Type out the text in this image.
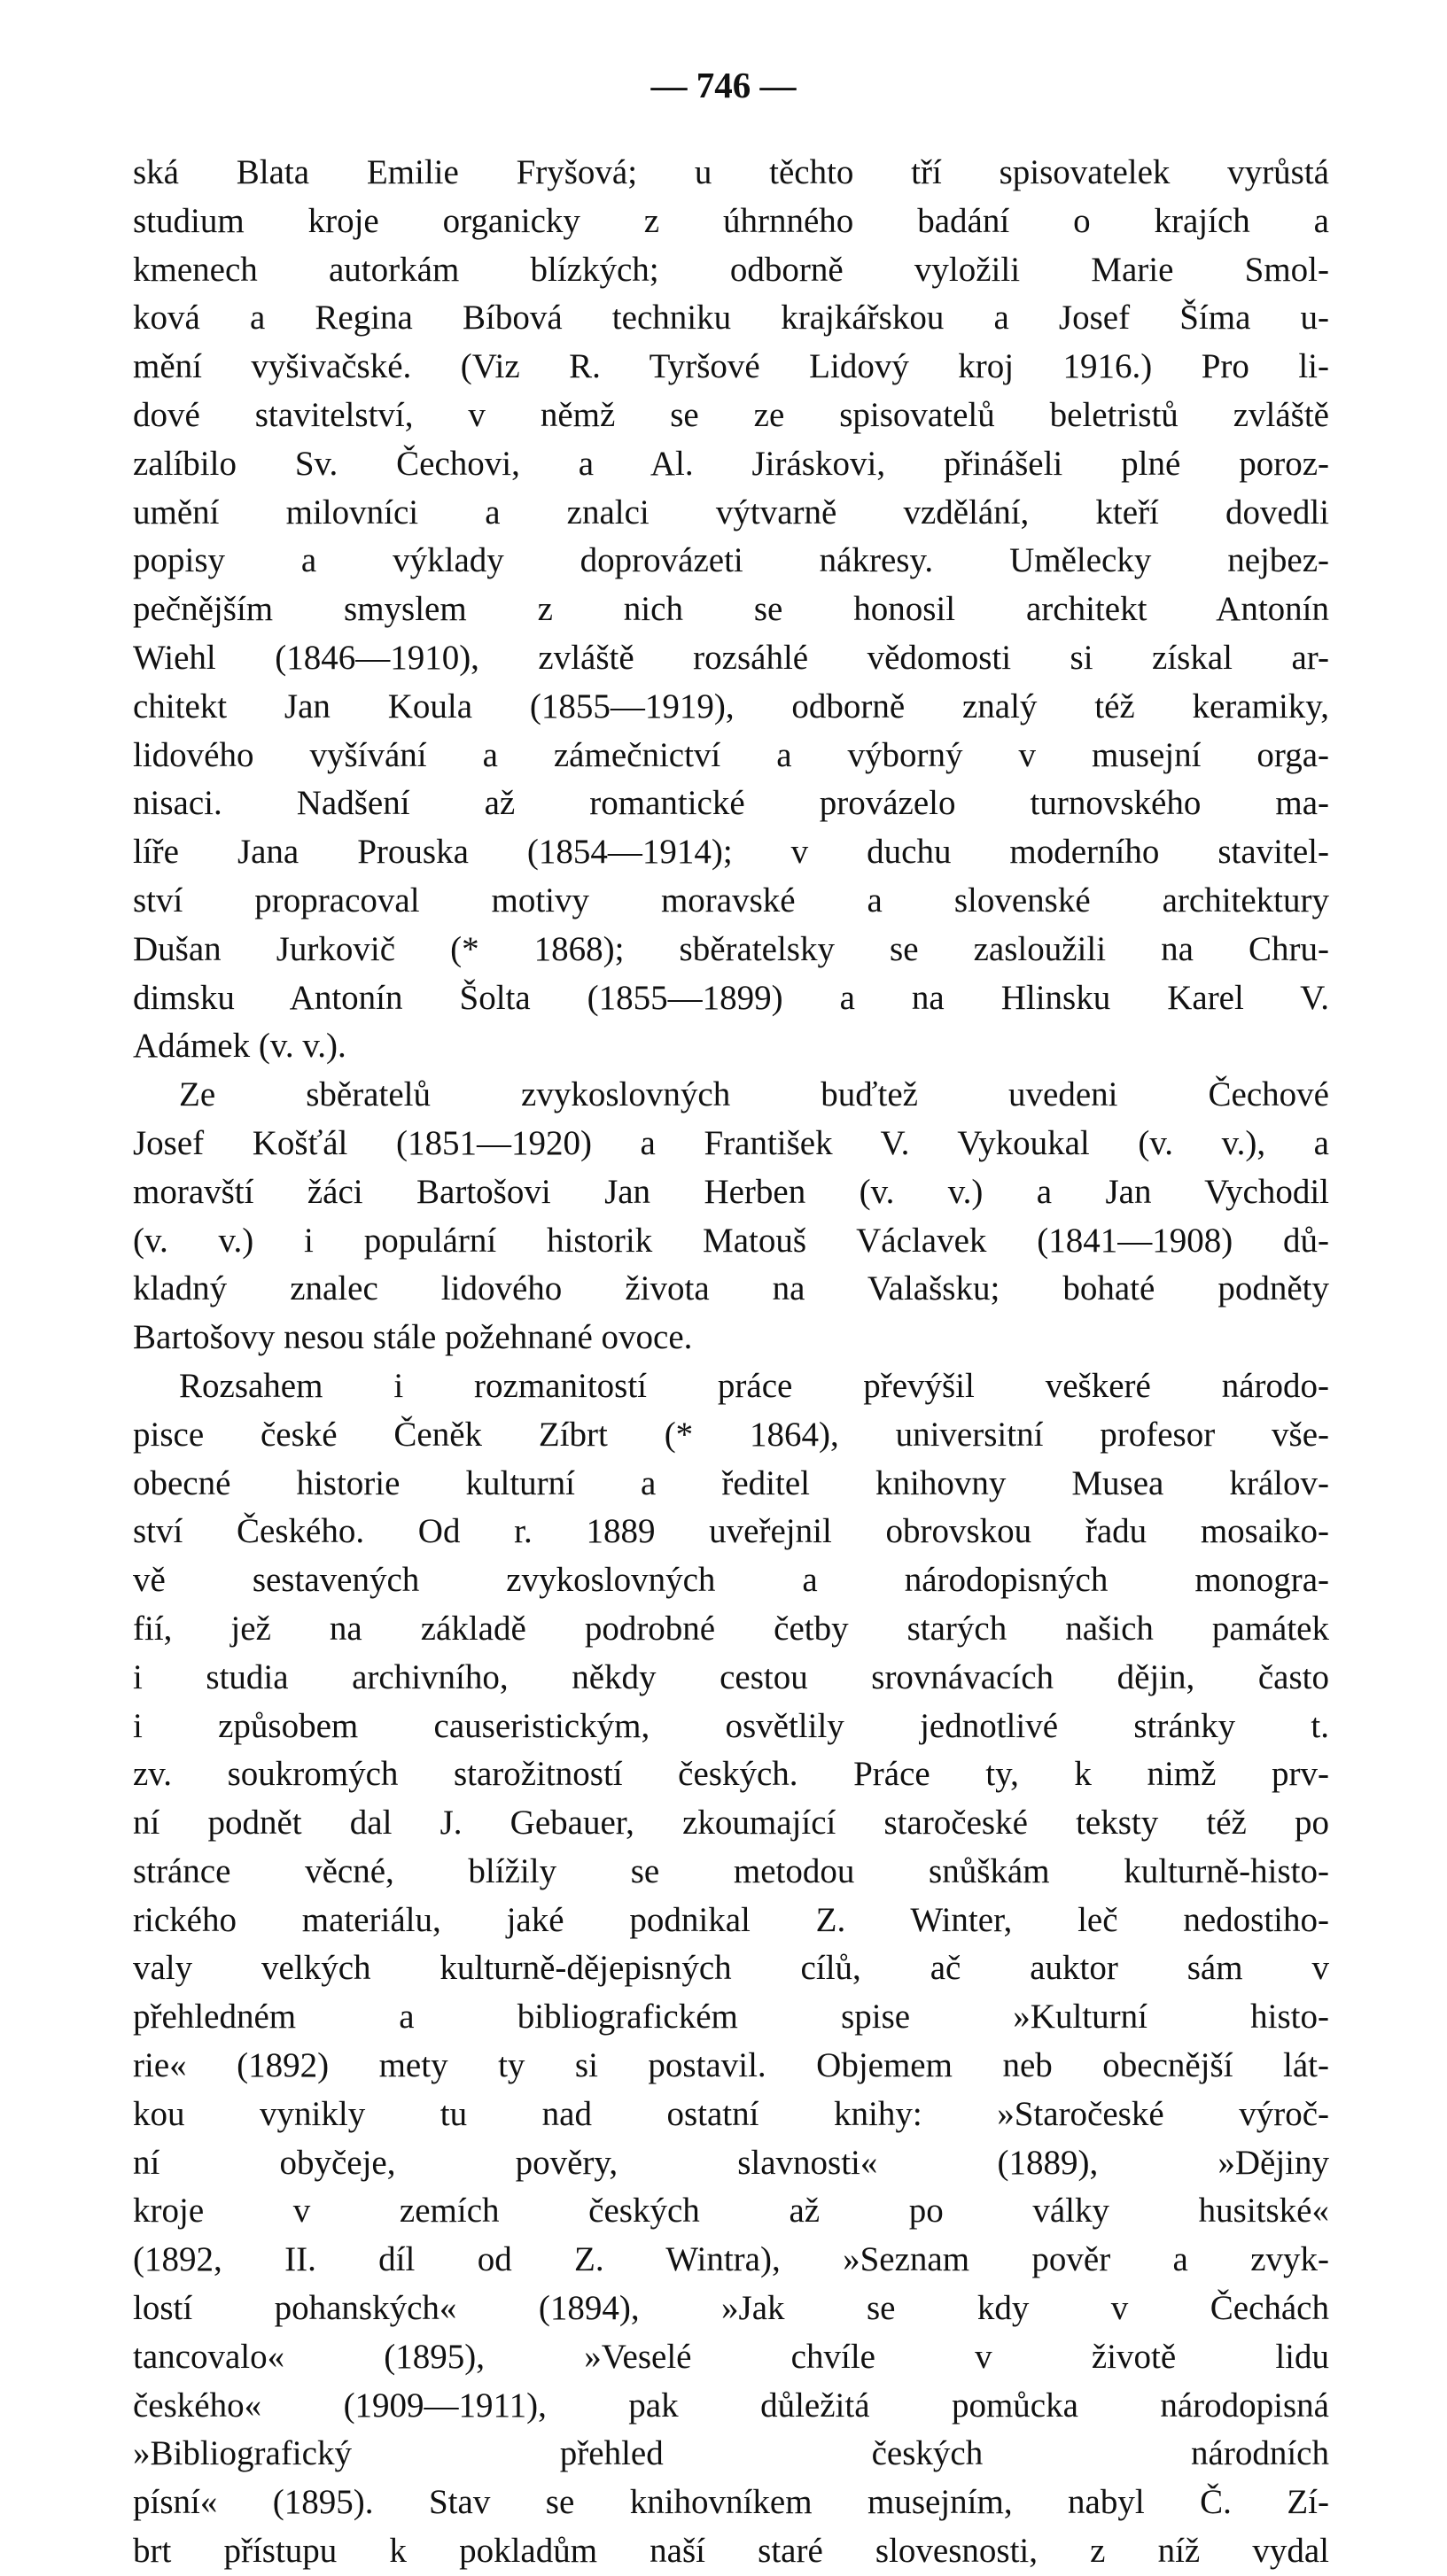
— 746 —
ská Blata Emilie Fryšová; u těchto tří spisovatelek vyrůstá
studium kroje organicky z úhrnného badání o krajích a
kmenech autorkám blízkých; odborně vyložili Marie Smol-
ková a Regina Bíbová techniku krajkářskou a Josef Šíma u-
mění vyšivačské. (Viz R. Tyršové Lidový kroj 1916.) Pro li-
dové stavitelství, v němž se ze spisovatelů beletristů zvláště
zalíbilo Sv. Čechovi, a Al. Jiráskovi, přinášeli plné poroz-
umění milovníci a znalci výtvarně vzdělání, kteří dovedli
popisy a výklady doprovázeti nákresy. Umělecky nejbez-
pečnějším smyslem z nich se honosil architekt Antonín
Wiehl (1846—1910), zvláště rozsáhlé vědomosti si získal ar-
chitekt Jan Koula (1855—1919), odborně znalý též keramiky,
lidového vyšívání a zámečnictví a výborný v musejní orga-
nisaci. Nadšení až romantické provázelo turnovského ma-
líře Jana Prouska (1854—1914); v duchu moderního stavitel-
ství propracoval motivy moravské a slovenské architektury
Dušan Jurkovič (* 1868); sběratelsky se zasloužili na Chru-
dimsku Antonín Šolta (1855—1899) a na Hlinsku Karel V.
Adámek (v. v.).
Ze sběratelů zvykoslovných buďtež uvedeni Čechové
Josef Košťál (1851—1920) a František V. Vykoukal (v. v.), a
moravští žáci Bartošovi Jan Herben (v. v.) a Jan Vychodil
(v. v.) i populární historik Matouš Václavek (1841—1908) dů-
kladný znalec lidového života na Valašsku; bohaté podněty
Bartošovy nesou stále požehnané ovoce.
Rozsahem i rozmanitostí práce převýšil veškeré národo-
pisce české Čeněk Zíbrt (* 1864), universitní profesor vše-
obecné historie kulturní a ředitel knihovny Musea králov-
ství Českého. Od r. 1889 uveřejnil obrovskou řadu mosaiko-
vě sestavených zvykoslovných a národopisných monogra-
fií, jež na základě podrobné četby starých našich památek
i studia archivního, někdy cestou srovnávacích dějin, často
i způsobem causeristickým, osvětlily jednotlivé stránky t.
zv. soukromých starožitností českých. Práce ty, k nimž prv-
ní podnět dal J. Gebauer, zkoumající staročeské teksty též po
stránce věcné, blížily se metodou snůškám kulturně-histo-
rického materiálu, jaké podnikal Z. Winter, leč nedostiho-
valy velkých kulturně-dějepisných cílů, ač auktor sám v
přehledném a bibliografickém spise »Kulturní histo-
rie« (1892) mety ty si postavil. Objemem neb obecnější lát-
kou vynikly tu nad ostatní knihy: »Staročeské výroč-
ní obyčeje, pověry, slavnosti« (1889), »Dějiny
kroje v zemích českých až po války husitské«
(1892, II. díl od Z. Wintra), »Seznam pověr a zvyk-
lostí pohanských« (1894), »Jak se kdy v Čechách
tancovalo« (1895), »Veselé chvíle v životě lidu
českého« (1909—1911), pak důležitá pomůcka národopisná
»Bibliografický přehled českých národních
písní« (1895). Stav se knihovníkem musejním, nabyl Č. Zí-
brt přístupu k pokladům naší staré slovesnosti, z níž vydal
